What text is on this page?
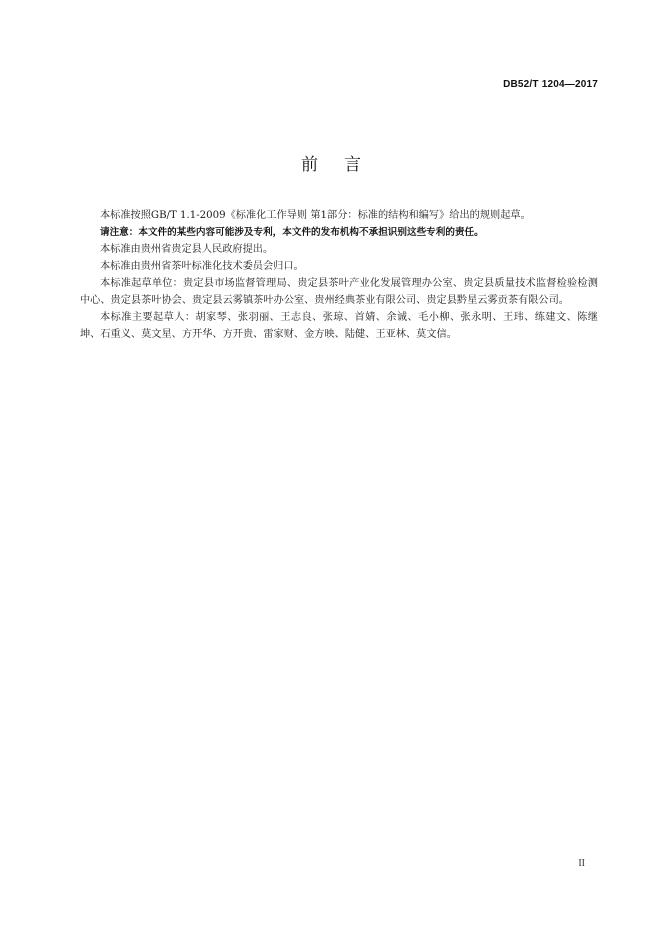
DB52/T 1204—2017
前言

本标准按照GB/T 1.1-2009《标准化工作导则 第1部分：标准的结构和编写》给出的规则起草。

请注意：本文件的某些内容可能涉及专利，本文件的发布机构不承担识别这些专利的责任。

本标准由贵州省贵定县人民政府提出。

本标准由贵州省茶叶标准化技术委员会归口。

本标准起草单位：贵定县市场监督管理局、贵定县茶叶产业化发展管理办公室、贵定县质量技术监督检验检测中心、贵定县茶叶协会、贵定县云雾镇茶叶办公室、贵州经典茶业有限公司、贵定县黔星云雾贡茶有限公司。

本标准主要起草人：胡家琴、张羽丽、王志良、张琼、首婧、余诚、毛小柳、张永明、王玮、练建文、陈继坤、石重义、莫文星、方开华、方开贵、雷家财、金方映、陆健、王亚林、莫文信。

II
